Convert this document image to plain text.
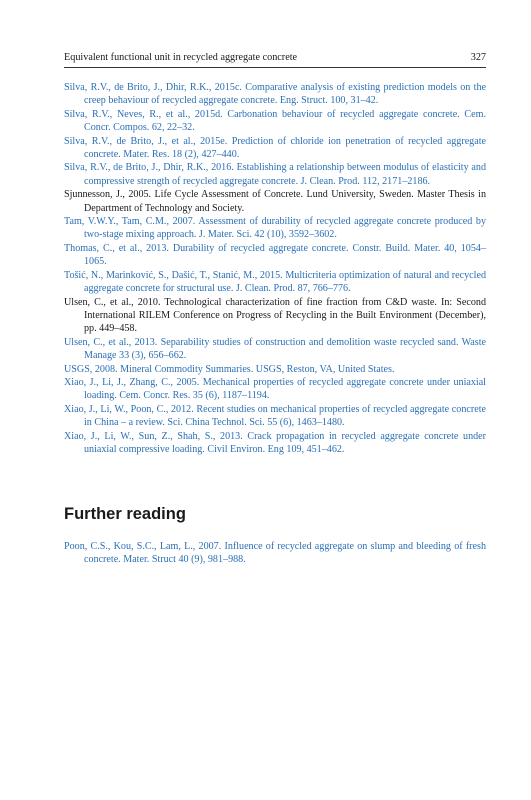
Equivalent functional unit in recycled aggregate concrete	327
Silva, R.V., de Brito, J., Dhir, R.K., 2015c. Comparative analysis of existing prediction models on the creep behaviour of recycled aggregate concrete. Eng. Struct. 100, 31–42.
Silva, R.V., Neves, R., et al., 2015d. Carbonation behaviour of recycled aggregate concrete. Cem. Concr. Compos. 62, 22–32.
Silva, R.V., de Brito, J., et al., 2015e. Prediction of chloride ion penetration of recycled aggregate concrete. Mater. Res. 18 (2), 427–440.
Silva, R.V., de Brito, J., Dhir, R.K., 2016. Establishing a relationship between modulus of elasticity and compressive strength of recycled aggregate concrete. J. Clean. Prod. 112, 2171–2186.
Sjunnesson, J., 2005. Life Cycle Assessment of Concrete. Lund University, Sweden. Master Thesis in Department of Technology and Society.
Tam, V.W.Y., Tam, C.M., 2007. Assessment of durability of recycled aggregate concrete produced by two-stage mixing approach. J. Mater. Sci. 42 (10), 3592–3602.
Thomas, C., et al., 2013. Durability of recycled aggregate concrete. Constr. Build. Mater. 40, 1054–1065.
Tošić, N., Marinković, S., Dašić, T., Stanić, M., 2015. Multicriteria optimization of natural and recycled aggregate concrete for structural use. J. Clean. Prod. 87, 766–776.
Ulsen, C., et al., 2010. Technological characterization of fine fraction from C&D waste. In: Second International RILEM Conference on Progress of Recycling in the Built Environment (December), pp. 449–458.
Ulsen, C., et al., 2013. Separability studies of construction and demolition waste recycled sand. Waste Manage 33 (3), 656–662.
USGS, 2008. Mineral Commodity Summaries. USGS, Reston, VA, United States.
Xiao, J., Li, J., Zhang, C., 2005. Mechanical properties of recycled aggregate concrete under uniaxial loading. Cem. Concr. Res. 35 (6), 1187–1194.
Xiao, J., Li, W., Poon, C., 2012. Recent studies on mechanical properties of recycled aggregate concrete in China – a review. Sci. China Technol. Sci. 55 (6), 1463–1480.
Xiao, J., Li, W., Sun, Z., Shah, S., 2013. Crack propagation in recycled aggregate concrete under uniaxial compressive loading. Civil Environ. Eng 109, 451–462.
Further reading
Poon, C.S., Kou, S.C., Lam, L., 2007. Influence of recycled aggregate on slump and bleeding of fresh concrete. Mater. Struct 40 (9), 981–988.
